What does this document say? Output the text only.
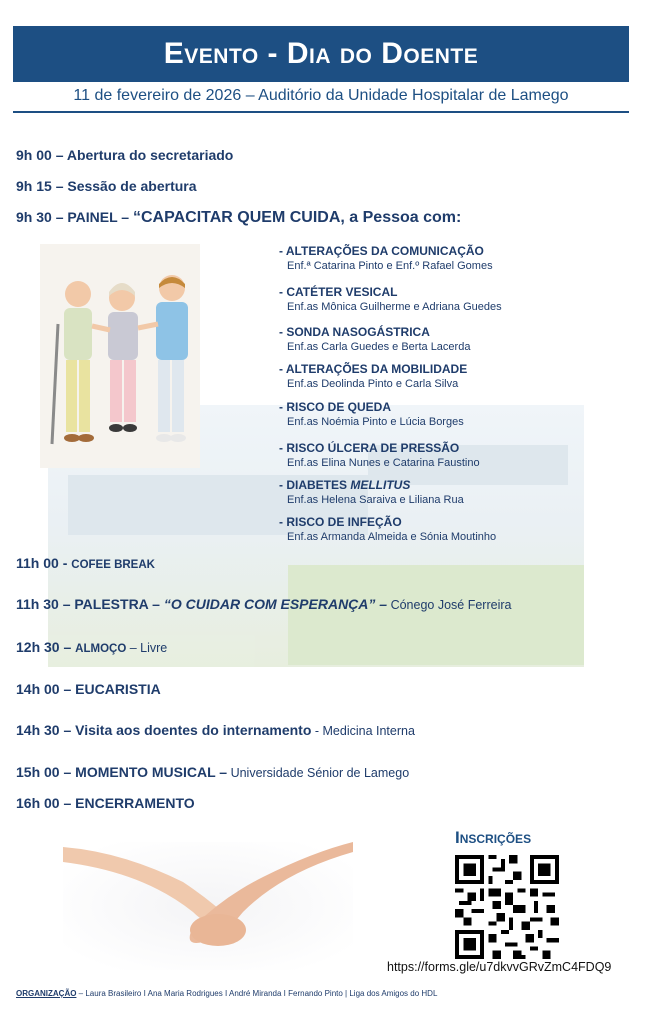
Evento - Dia do Doente
11 de fevereiro de 2026 – Auditório da Unidade Hospitalar de Lamego
9h 00 – Abertura do secretariado
9h 15 – Sessão de abertura
9h 30 – PAINEL – “CAPACITAR QUEM CUIDA, a Pessoa com:
- ALTERAÇÕES DA COMUNICAÇÃO
Enf.ª Catarina Pinto e Enf.º Rafael Gomes
- CATÉTER VESICAL
Enf.as Mônica Guilherme e Adriana Guedes
- SONDA NASOGÁSTRICA
Enf.as Carla Guedes e Berta Lacerda
- ALTERAÇÕES DA MOBILIDADE
Enf.as Deolinda Pinto e Carla Silva
- RISCO DE QUEDA
Enf.as Noémia Pinto e Lúcia Borges
- RISCO ÚLCERA DE PRESSÃO
Enf.as Elina Nunes e Catarina Faustino
- DIABETES MELLITUS
Enf.as Helena Saraiva e Liliana Rua
- RISCO DE INFEÇÃO
Enf.as Armanda Almeida e Sónia Moutinho
11h 00 - COFEE BREAK
11h 30 – PALESTRA – “O CUIDAR COM ESPERANÇA” – Cónego José Ferreira
12h 30 – ALMOÇO – Livre
14h 00 – EUCARISTIA
14h 30 – Visita aos doentes do internamento - Medicina Interna
15h 00 – MOMENTO MUSICAL – Universidade Sénior de Lamego
16h 00 – ENCERRAMENTO
Inscrições
https://forms.gle/u7dkvvGRvZmC4FDQ9
ORGANIZAÇÃO – Laura Brasileiro I Ana Maria Rodrigues I André Miranda I Fernando Pinto | Liga dos Amigos do HDL
